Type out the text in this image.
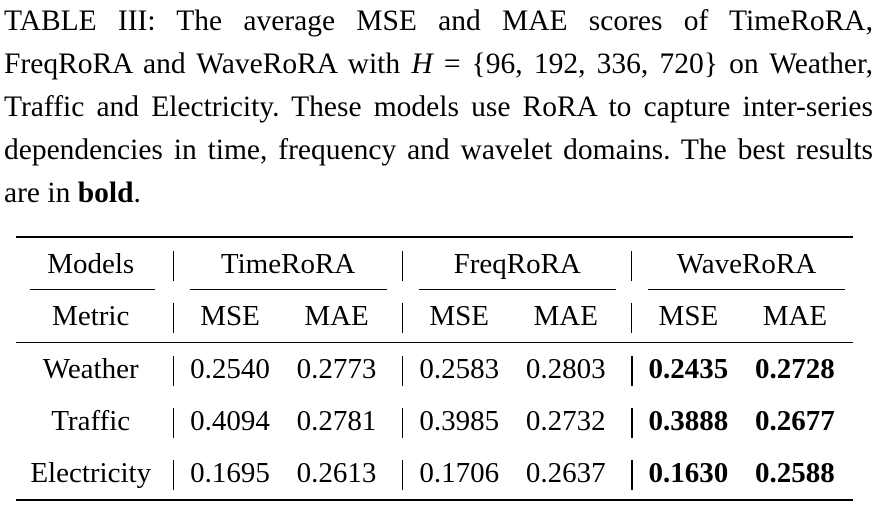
TABLE III: The average MSE and MAE scores of TimeRoRA, FreqRoRA and WaveRoRA with H = {96, 192, 336, 720} on Weather, Traffic and Electricity. These models use RoRA to capture inter-series dependencies in time, frequency and wavelet domains. The best results are in bold.
Models		TimeRoRA			FreqRoRA			WaveRoRA	
Metric		MSE	MAE		MSE	MAE		MSE	MAE
Weather		0.2540	0.2773		0.2583	0.2803		0.2435	0.2728
Traffic		0.4094	0.2781		0.3985	0.2732		0.3888	0.2677
Electricity		0.1695	0.2613		0.1706	0.2637		0.1630	0.2588
